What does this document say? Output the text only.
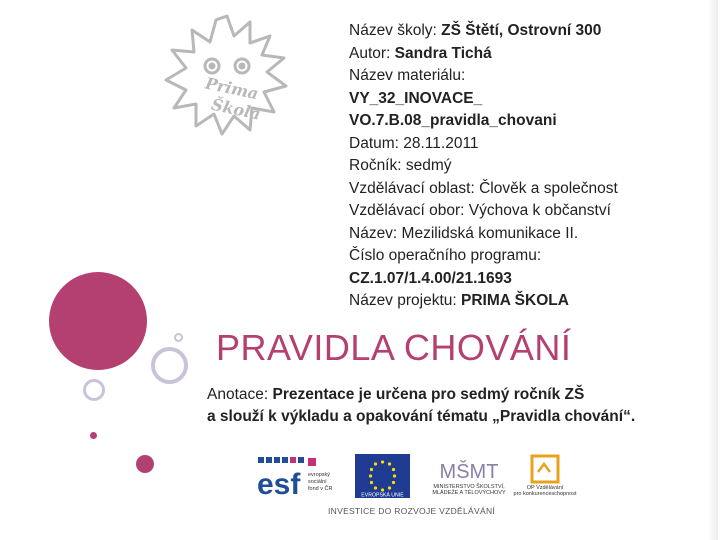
Prima
Škola
Název školy: ZŠ Štětí, Ostrovní 300
Autor: Sandra Tichá
Název materiálu:
VY_32_INOVACE_
VO.7.B.08_pravidla_chovani
Datum: 28.11.2011
Ročník: sedmý
Vzdělávací oblast: Člověk a společnost
Vzdělávací obor: Výchova k občanství
Název: Mezilidská komunikace II.
Číslo operačního programu:
CZ.1.07/1.4.00/21.1693
Název projektu: PRIMA ŠKOLA
PRAVIDLA CHOVÁNÍ
Anotace: Prezentace je určena pro sedmý ročník ZŠ
a slouží k výkladu a opakování tématu „Pravidla chování“.
esf evropský
sociální
fond v ČR
EVROPSKÁ UNIE
MŠMT
MINISTERSTVO ŠKOLSTVÍ,
MLÁDEŽE A TĚLOVÝCHOVY
OP Vzdělávání
pro konkurenceschopnost
INVESTICE DO ROZVOJE VZDĚLÁVÁNÍ
